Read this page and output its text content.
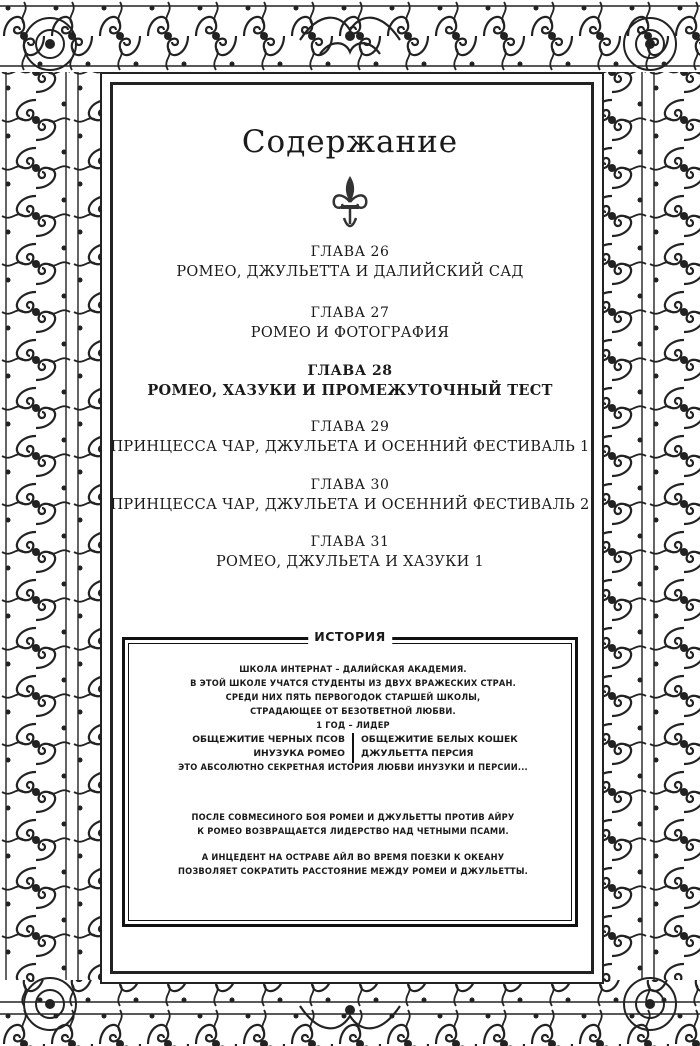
Содержание
ГЛАВА 26
РОМЕО, ДЖУЛЬЕТТА И ДАЛИЙСКИЙ САД
ГЛАВА 27
РОМЕО И ФОТОГРАФИЯ
ГЛАВА 28
РОМЕО, ХАЗУКИ И ПРОМЕЖУТОЧНЫЙ ТЕСТ
ГЛАВА 29
ПРИНЦЕССА ЧАР, ДЖУЛЬЕТА И ОСЕННИЙ ФЕСТИВАЛЬ 1
ГЛАВА 30
ПРИНЦЕССА ЧАР, ДЖУЛЬЕТА И ОСЕННИЙ ФЕСТИВАЛЬ 2
ГЛАВА 31
РОМЕО, ДЖУЛЬЕТА И ХАЗУКИ 1
ИСТОРИЯ
ШКОЛА ИНТЕРНАТ – ДАЛИЙСКАЯ АКАДЕМИЯ.
В ЭТОЙ ШКОЛЕ УЧАТСЯ СТУДЕНТЫ ИЗ ДВУХ ВРАЖЕСКИХ СТРАН.
СРЕДИ НИХ ПЯТЬ ПЕРВОГОДОК СТАРШЕЙ ШКОЛЫ,
СТРАДАЮЩЕЕ ОТ БЕЗОТВЕТНОЙ ЛЮБВИ.
1 ГОД – ЛИДЕР
ОБЩЕЖИТИЕ ЧЕРНЫХ ПСОВ ОБЩЕЖИТИЕ БЕЛЫХ КОШЕК
ИНУЗУКА РОМЕО ДЖУЛЬЕТТА ПЕРСИЯ
ЭТО АБСОЛЮТНО СЕКРЕТНАЯ ИСТОРИЯ ЛЮБВИ ИНУЗУКИ И ПЕРСИИ...
ПОСЛЕ СОВМЕСИНОГО БОЯ РОМЕИ И ДЖУЛЬЕТТЫ ПРОТИВ АЙРУ
К РОМЕО ВОЗВРАЩАЕТСЯ ЛИДЕРСТВО НАД ЧЕТНЫМИ ПСАМИ.
А ИНЦЕДЕНТ НА ОСТРАВЕ АЙЛ ВО ВРЕМЯ ПОЕЗКИ К ОКЕАНУ
ПОЗВОЛЯЕТ СОКРАТИТЬ РАССТОЯНИЕ МЕЖДУ РОМЕИ И ДЖУЛЬЕТТЫ.
